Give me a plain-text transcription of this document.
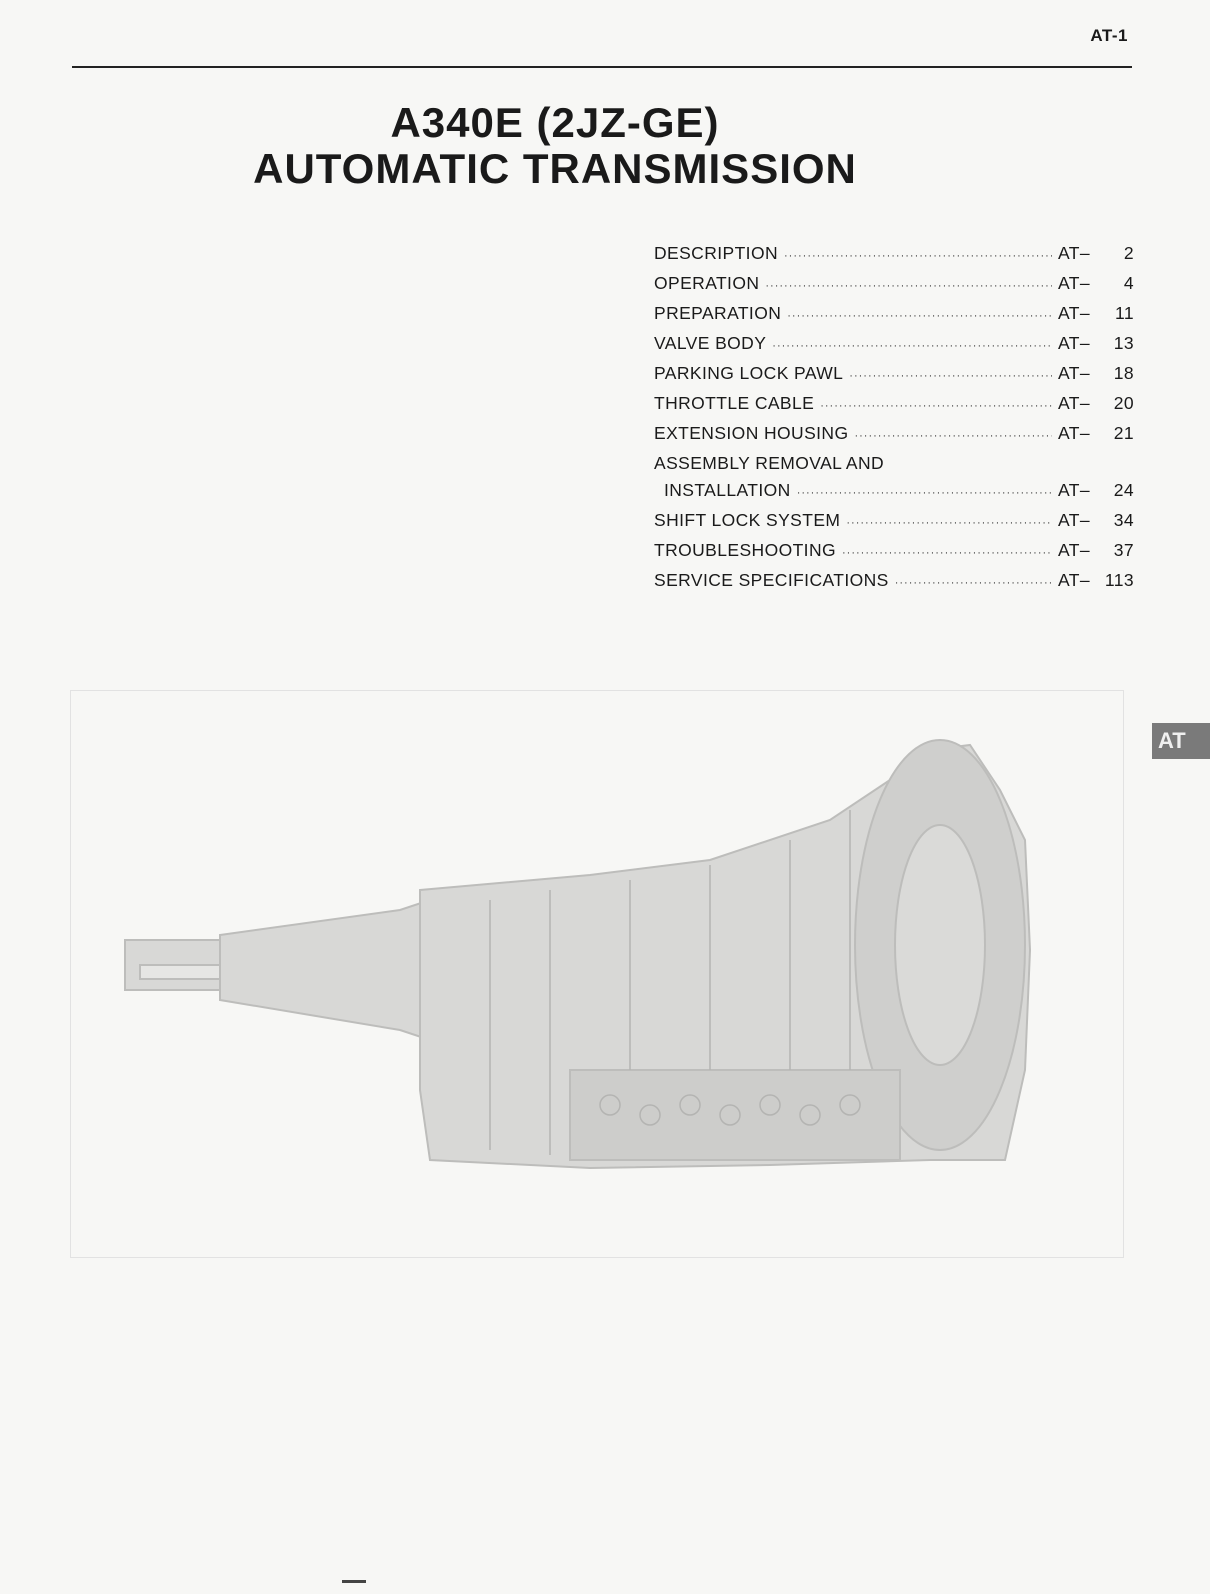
AT-1
A340E (2JZ-GE)
AUTOMATIC TRANSMISSION
DESCRIPTION ·····	AT– 2
OPERATION ·····	AT– 4
PREPARATION ·····	AT– 11
VALVE BODY ·····	AT– 13
PARKING LOCK PAWL ·····	AT– 18
THROTTLE CABLE ·····	AT– 20
EXTENSION HOUSING ·····	AT– 21
ASSEMBLY REMOVAL AND
INSTALLATION ·····	AT– 24
SHIFT LOCK SYSTEM ·····	AT– 34
TROUBLESHOOTING ·····	AT– 37
SERVICE SPECIFICATIONS ·····	AT– 113
AT
